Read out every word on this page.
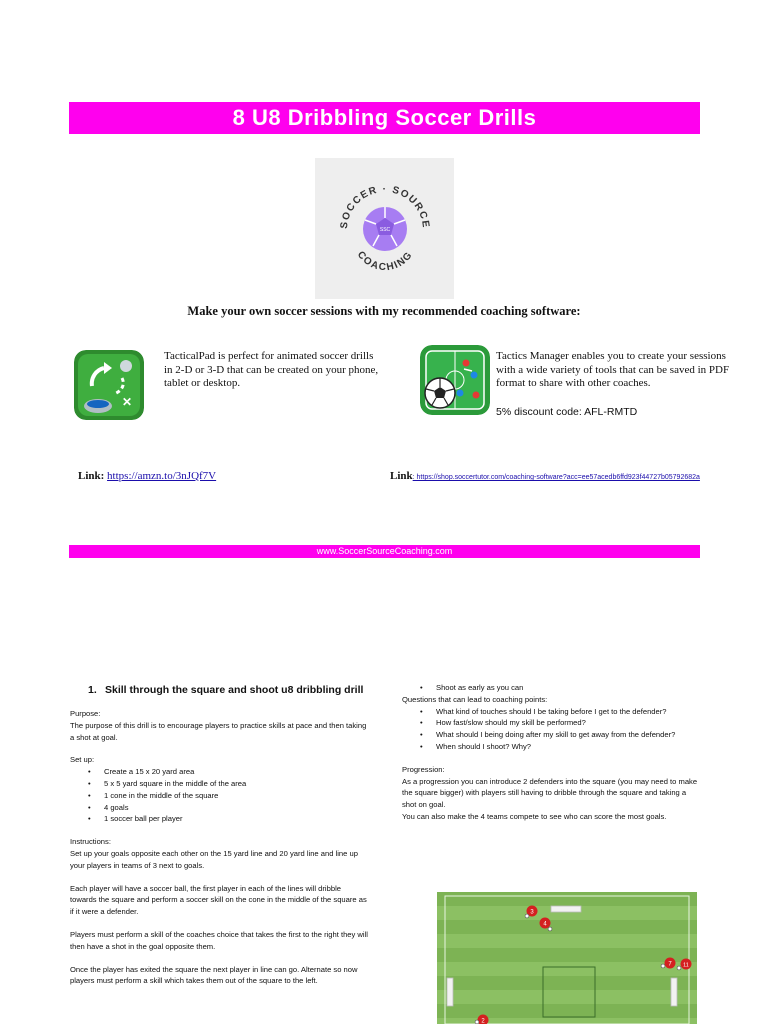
8 U8 Dribbling Soccer Drills
SOCCER · SOURCE
COACHING
SSC
Make your own soccer sessions with my recommended coaching software:
✕
TacticalPad is perfect for animated soccer drills in 2-D or 3-D that can be created on your phone, tablet or desktop.
Tactics Manager enables you to create your sessions with a wide variety of tools that can be saved in PDF format to share with other coaches.
5% discount code: AFL-RMTD
Link: https://amzn.to/3nJQf7V	Link: https://shop.soccertutor.com/coaching-software?acc=ee57acedb6ffd923f44727b05792682a
www.SoccerSourceCoaching.com
1. Skill through the square and shoot u8 dribbling drill
Purpose:
The purpose of this drill is to encourage players to practice skills at pace and then taking a shot at goal.
Set up:
• Create a 15 x 20 yard area
• 5 x 5 yard square in the middle of the area
• 1 cone in the middle of the square
• 4 goals
• 1 soccer ball per player
Instructions:
Set up your goals opposite each other on the 15 yard line and 20 yard line and line up your players in teams of 3 next to goals.
Each player will have a soccer ball, the first player in each of the lines will dribble towards the square and perform a soccer skill on the cone in the middle of the square as if it were a defender.
Players must perform a skill of the coaches choice that takes the first to the right they will then have a shot in the goal opposite them.
Once the player has exited the square the next player in line can go. Alternate so now players must perform a skill which takes them out of the square to the left.
• Shoot as early as you can
Questions that can lead to coaching points:
• What kind of touches should I be taking before I get to the defender?
• How fast/slow should my skill be performed?
• What should I being doing after my skill to get away from the defender?
• When should I shoot? Why?
Progression:
As a progression you can introduce 2 defenders into the square (you may need to make the square bigger) with players still having to dribble through the square and taking a shot on goal.
You can also make the 4 teams compete to see who can score the most goals.
3
4
7 11
2
